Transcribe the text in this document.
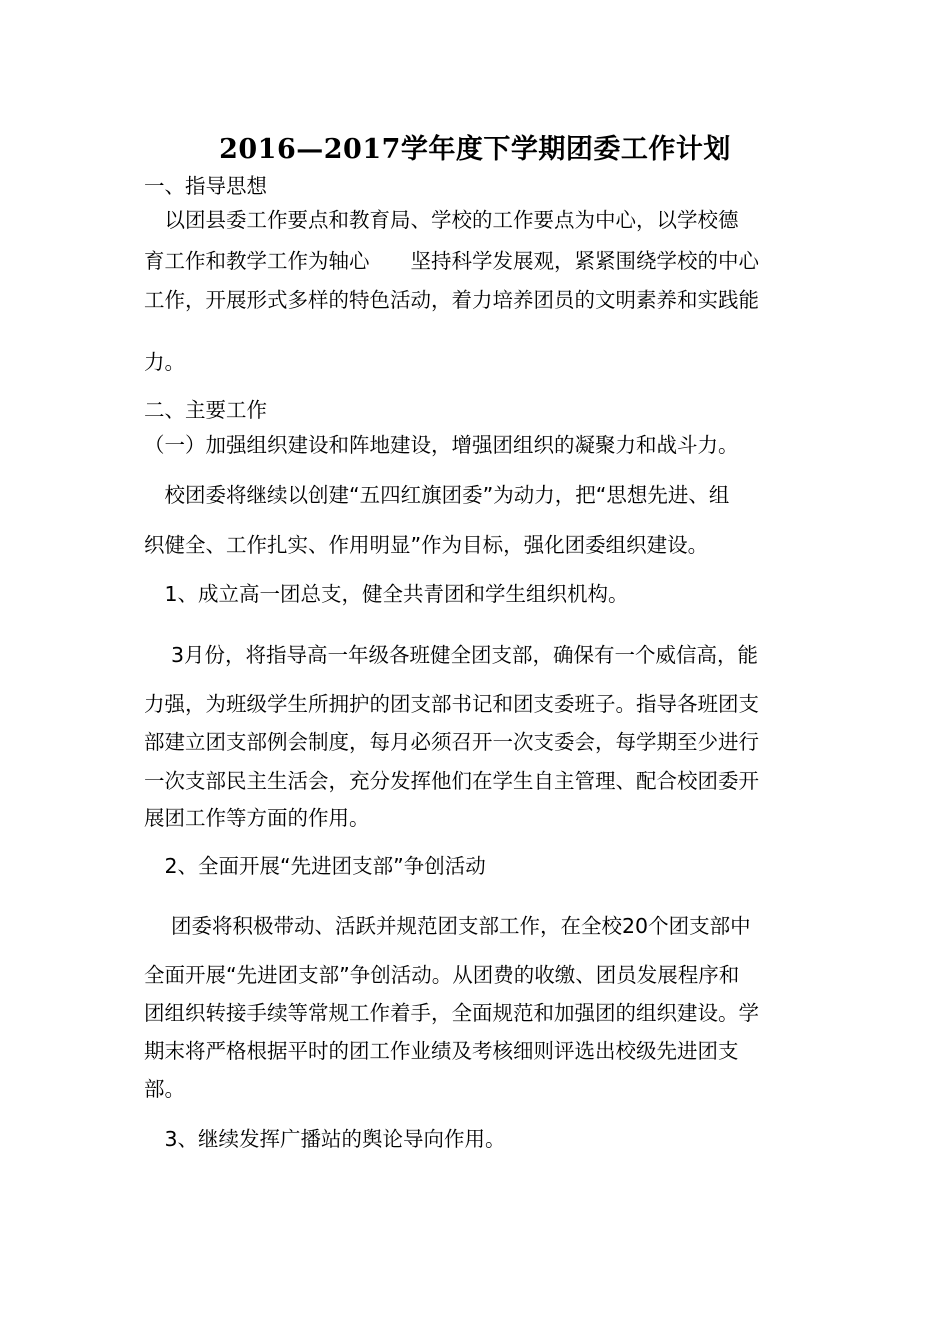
2016—2017学年度下学期团委工作计划
一、指导思想
　以团县委工作要点和教育局、学校的工作要点为中心，以学校德
育工作和教学工作为轴心　　坚持科学发展观，紧紧围绕学校的中心
工作，开展形式多样的特色活动，着力培养团员的文明素养和实践能
力。
二、主要工作
（一）加强组织建设和阵地建设，增强团组织的凝聚力和战斗力。
　校团委将继续以创建“五四红旗团委”为动力，把“思想先进、组
织健全、工作扎实、作用明显”作为目标，强化团委组织建设。
　1、成立高一团总支，健全共青团和学生组织机构。
　 3月份，将指导高一年级各班健全团支部，确保有一个威信高，能
力强，为班级学生所拥护的团支部书记和团支委班子。指导各班团支
部建立团支部例会制度，每月必须召开一次支委会，每学期至少进行
一次支部民主生活会，充分发挥他们在学生自主管理、配合校团委开
展团工作等方面的作用。
　2、全面开展“先进团支部”争创活动
　 团委将积极带动、活跃并规范团支部工作，在全校20个团支部中
全面开展“先进团支部”争创活动。从团费的收缴、团员发展程序和
团组织转接手续等常规工作着手，全面规范和加强团的组织建设。学
期末将严格根据平时的团工作业绩及考核细则评选出校级先进团支
部。
　3、继续发挥广播站的舆论导向作用。
